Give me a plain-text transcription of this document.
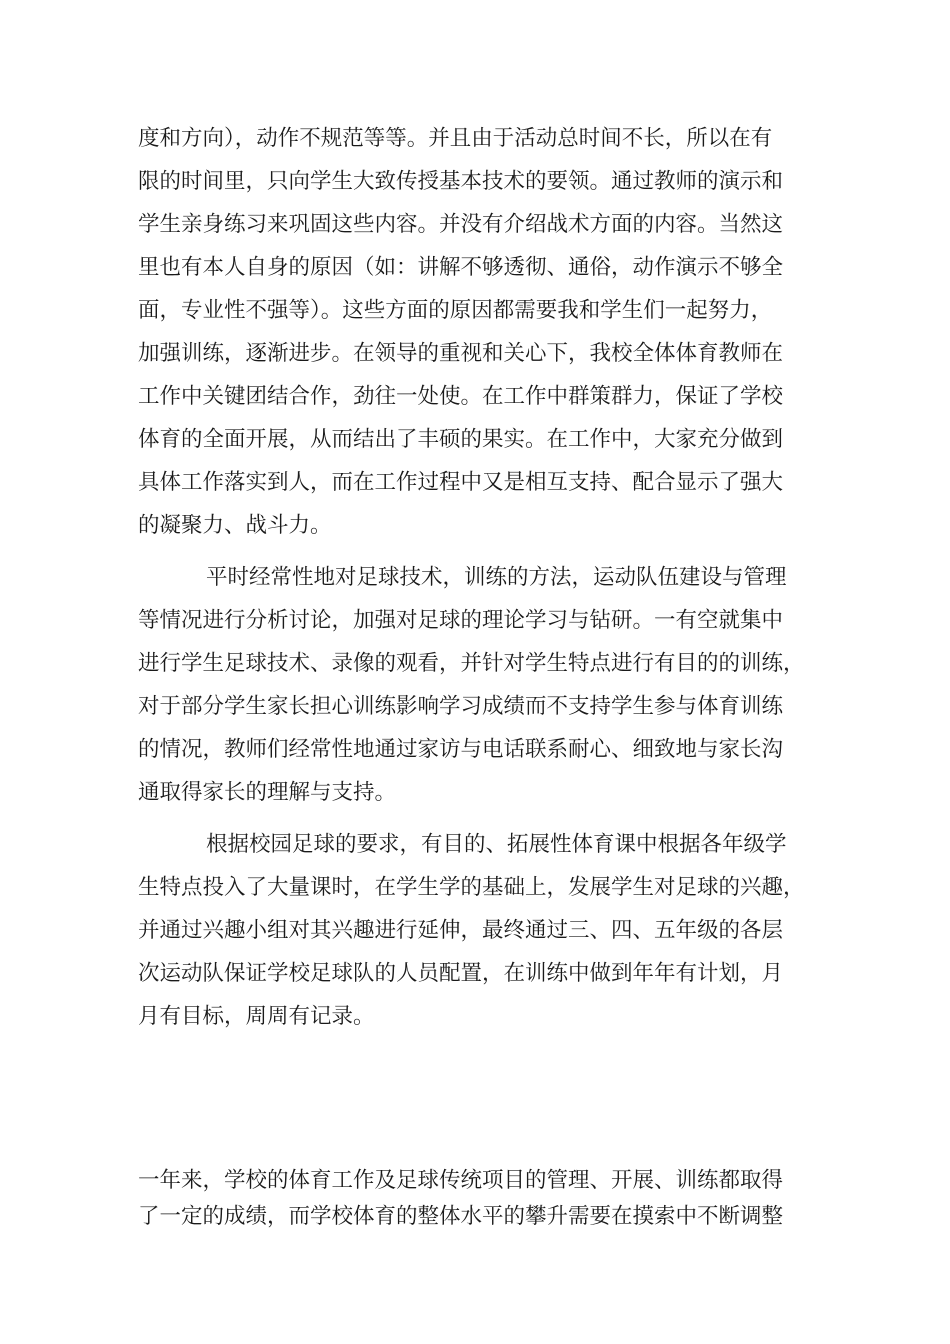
度和方向），动作不规范等等。并且由于活动总时间不长，所以在有
限的时间里，只向学生大致传授基本技术的要领。通过教师的演示和
学生亲身练习来巩固这些内容。并没有介绍战术方面的内容。当然这
里也有本人自身的原因（如：讲解不够透彻、通俗，动作演示不够全
面，专业性不强等）。这些方面的原因都需要我和学生们一起努力，
加强训练，逐渐进步。在领导的重视和关心下，我校全体体育教师在
工作中关键团结合作，劲往一处使。在工作中群策群力，保证了学校
体育的全面开展，从而结出了丰硕的果实。在工作中，大家充分做到
具体工作落实到人，而在工作过程中又是相互支持、配合显示了强大
的凝聚力、战斗力。
平时经常性地对足球技术，训练的方法，运动队伍建设与管理
等情况进行分析讨论，加强对足球的理论学习与钻研。一有空就集中
进行学生足球技术、录像的观看，并针对学生特点进行有目的的训练，
对于部分学生家长担心训练影响学习成绩而不支持学生参与体育训练
的情况，教师们经常性地通过家访与电话联系耐心、细致地与家长沟
通取得家长的理解与支持。
根据校园足球的要求，有目的、拓展性体育课中根据各年级学
生特点投入了大量课时，在学生学的基础上，发展学生对足球的兴趣，
并通过兴趣小组对其兴趣进行延伸，最终通过三、四、五年级的各层
次运动队保证学校足球队的人员配置，在训练中做到年年有计划，月
月有目标，周周有记录。
一年来，学校的体育工作及足球传统项目的管理、开展、训练都取得
了一定的成绩，而学校体育的整体水平的攀升需要在摸索中不断调整
